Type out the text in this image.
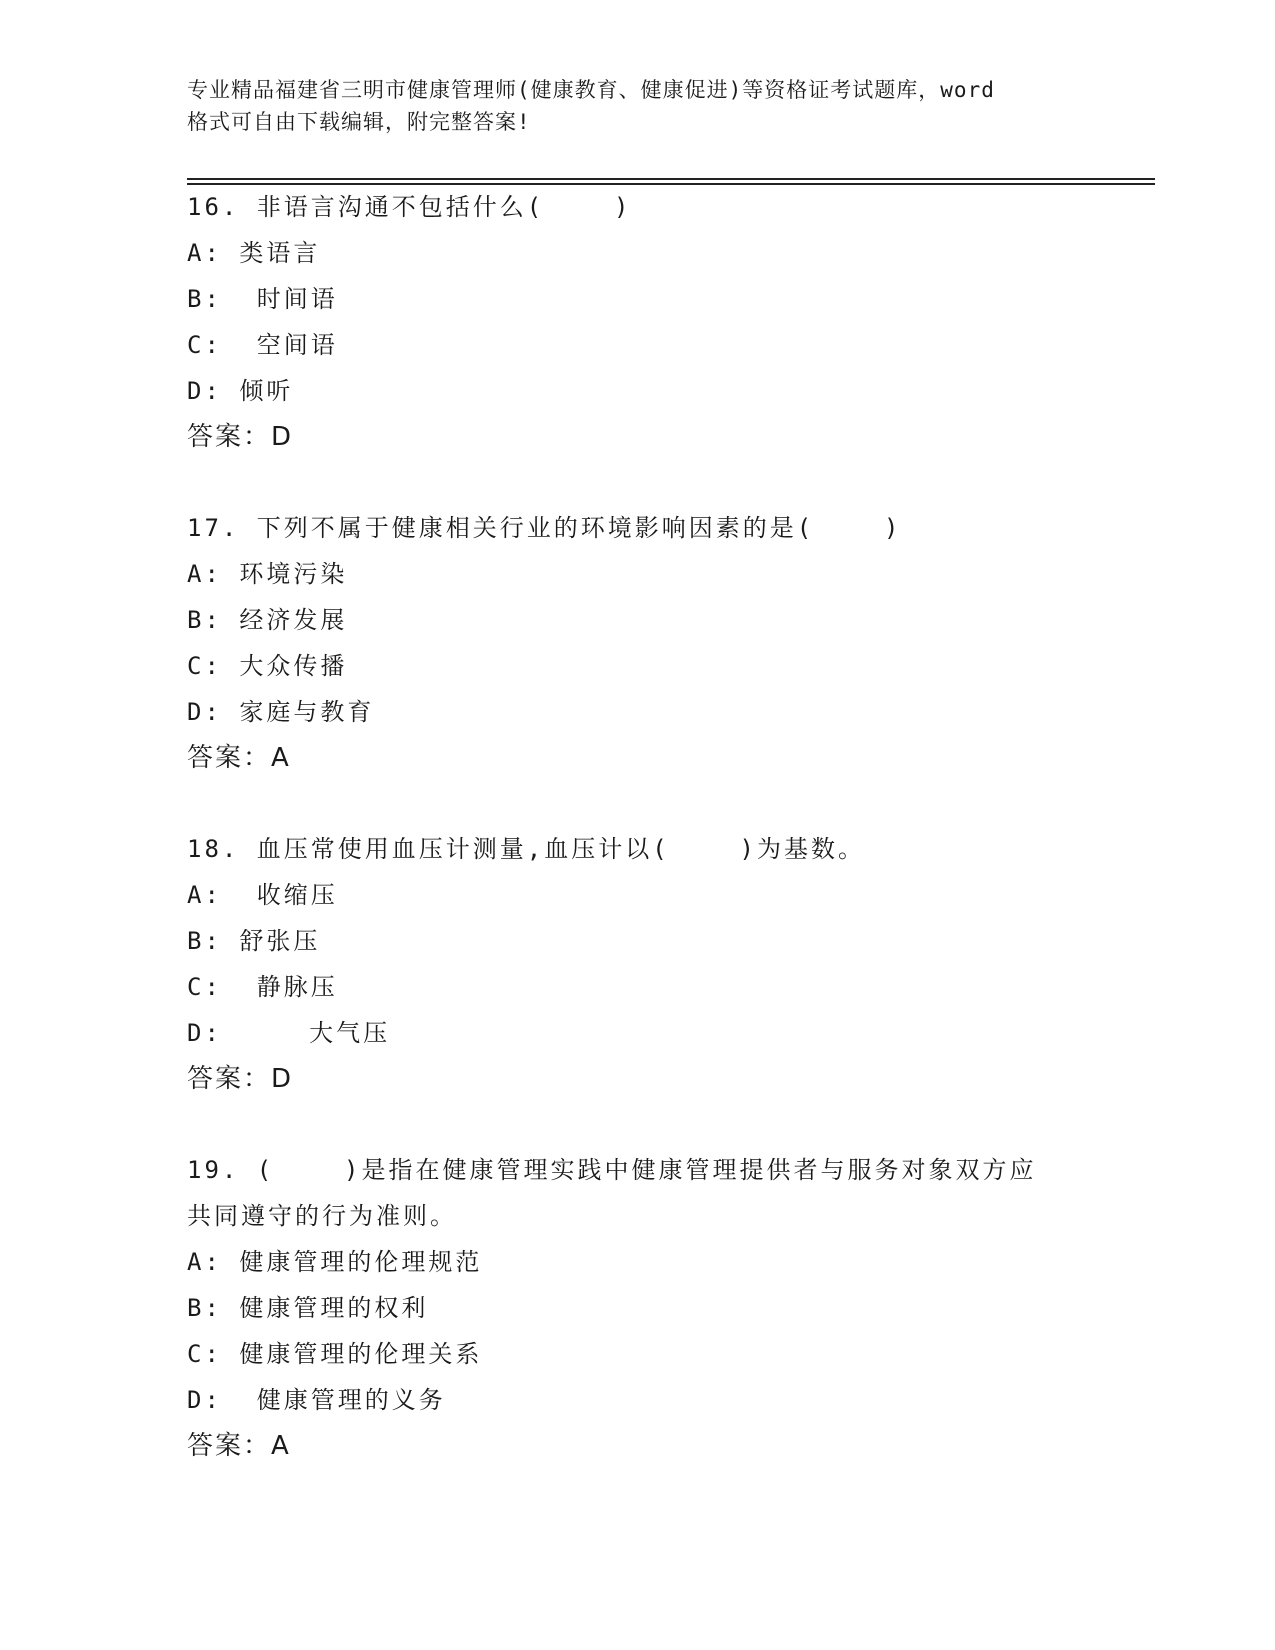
专业精品福建省三明市健康管理师(健康教育、健康促进)等资格证考试题库，word
格式可自由下载编辑，附完整答案!
16. 非语言沟通不包括什么(    )
A: 类语言
B:  时间语
C:  空间语
D: 倾听
答案：D
17. 下列不属于健康相关行业的环境影响因素的是(    )
A: 环境污染
B: 经济发展
C: 大众传播
D: 家庭与教育
答案：A
18. 血压常使用血压计测量,血压计以(    )为基数。
A:  收缩压
B: 舒张压
C:  静脉压
D:     大气压
答案：D
19. (    )是指在健康管理实践中健康管理提供者与服务对象双方应
共同遵守的行为准则。
A: 健康管理的伦理规范
B: 健康管理的权利
C: 健康管理的伦理关系
D:  健康管理的义务
答案：A
